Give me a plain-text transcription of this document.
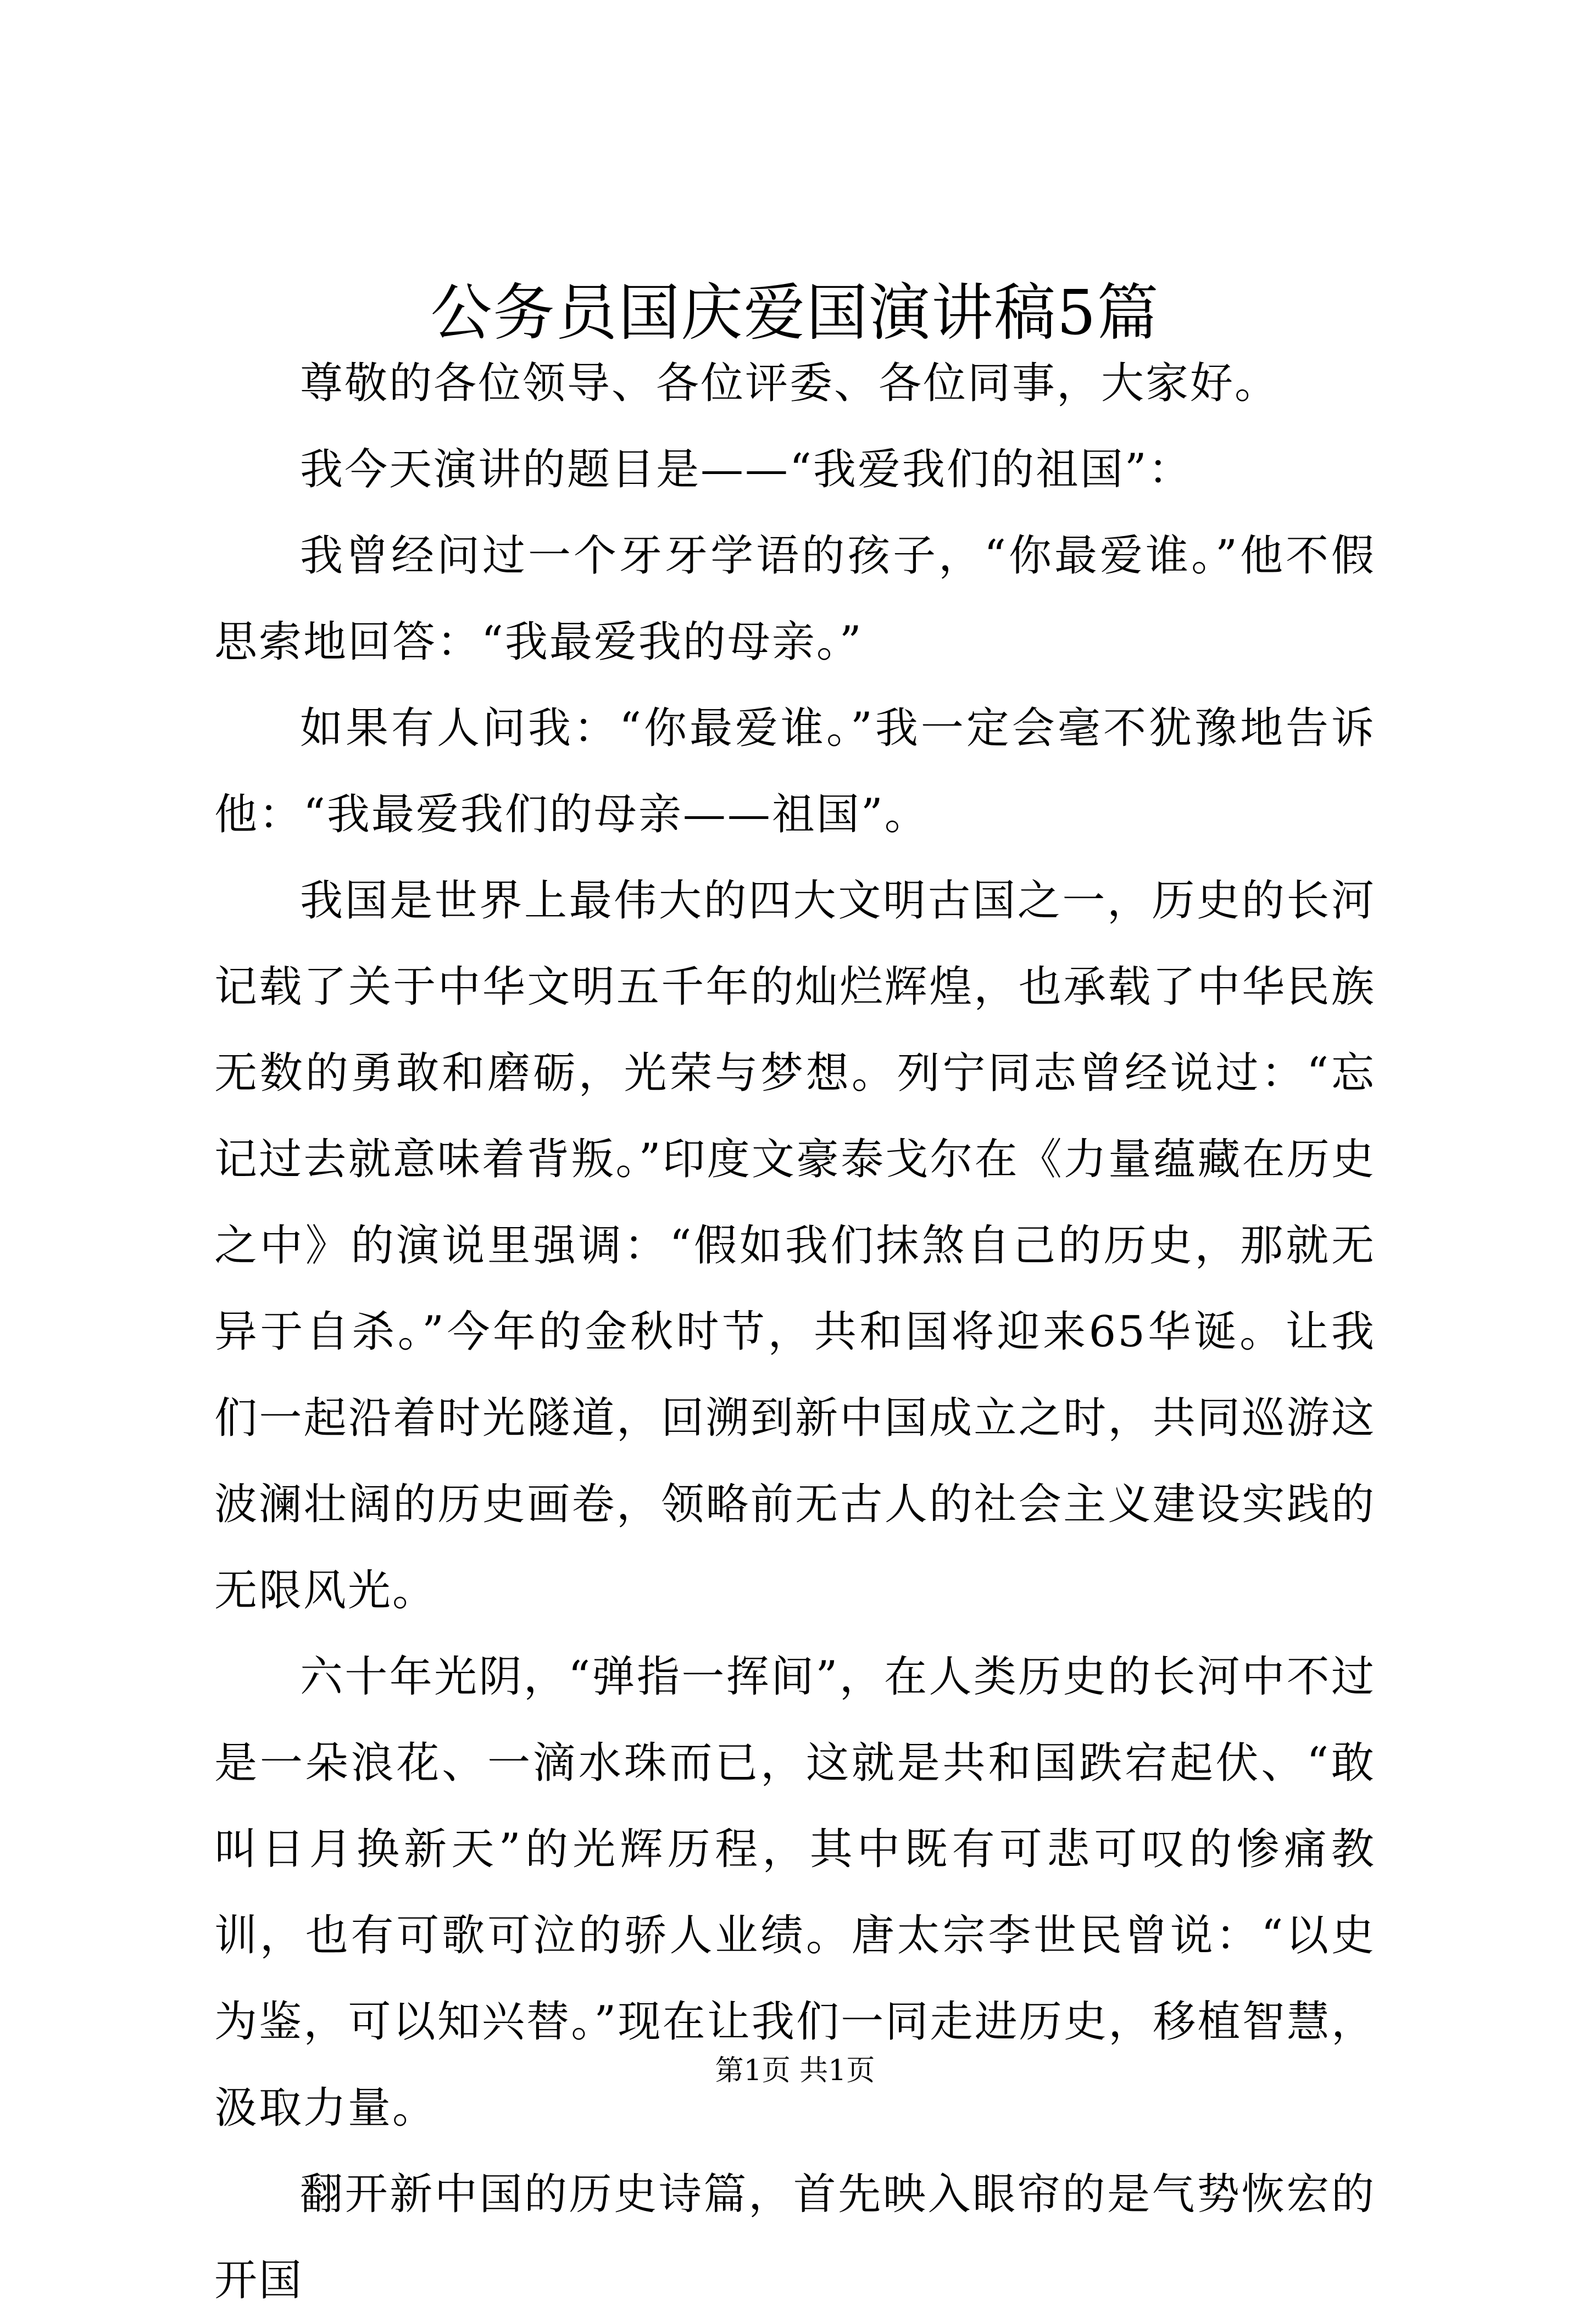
公务员国庆爱国演讲稿5篇

尊敬的各位领导、各位评委、各位同事，大家好。

我今天演讲的题目是——“我爱我们的祖国”：

我曾经问过一个牙牙学语的孩子，“你最爱谁。”他不假思索地回答：“我最爱我的母亲。”

如果有人问我：“你最爱谁。”我一定会毫不犹豫地告诉他：“我最爱我们的母亲——祖国”。

我国是世界上最伟大的四大文明古国之一，历史的长河记载了关于中华文明五千年的灿烂辉煌，也承载了中华民族无数的勇敢和磨砺，光荣与梦想。列宁同志曾经说过：“忘记过去就意味着背叛。”印度文豪泰戈尔在《力量蕴藏在历史之中》的演说里强调：“假如我们抹煞自己的历史，那就无异于自杀。”今年的金秋时节，共和国将迎来65华诞。让我们一起沿着时光隧道，回溯到新中国成立之时，共同巡游这波澜壮阔的历史画卷，领略前无古人的社会主义建设实践的无限风光。

六十年光阴，“弹指一挥间”，在人类历史的长河中不过是一朵浪花、一滴水珠而已，这就是共和国跌宕起伏、“敢叫日月换新天”的光辉历程，其中既有可悲可叹的惨痛教训，也有可歌可泣的骄人业绩。唐太宗李世民曾说：“以史为鉴，可以知兴替。”现在让我们一同走进历史，移植智慧，汲取力量。

翻开新中国的历史诗篇，首先映入眼帘的是气势恢宏的开国

第1页 共1页
